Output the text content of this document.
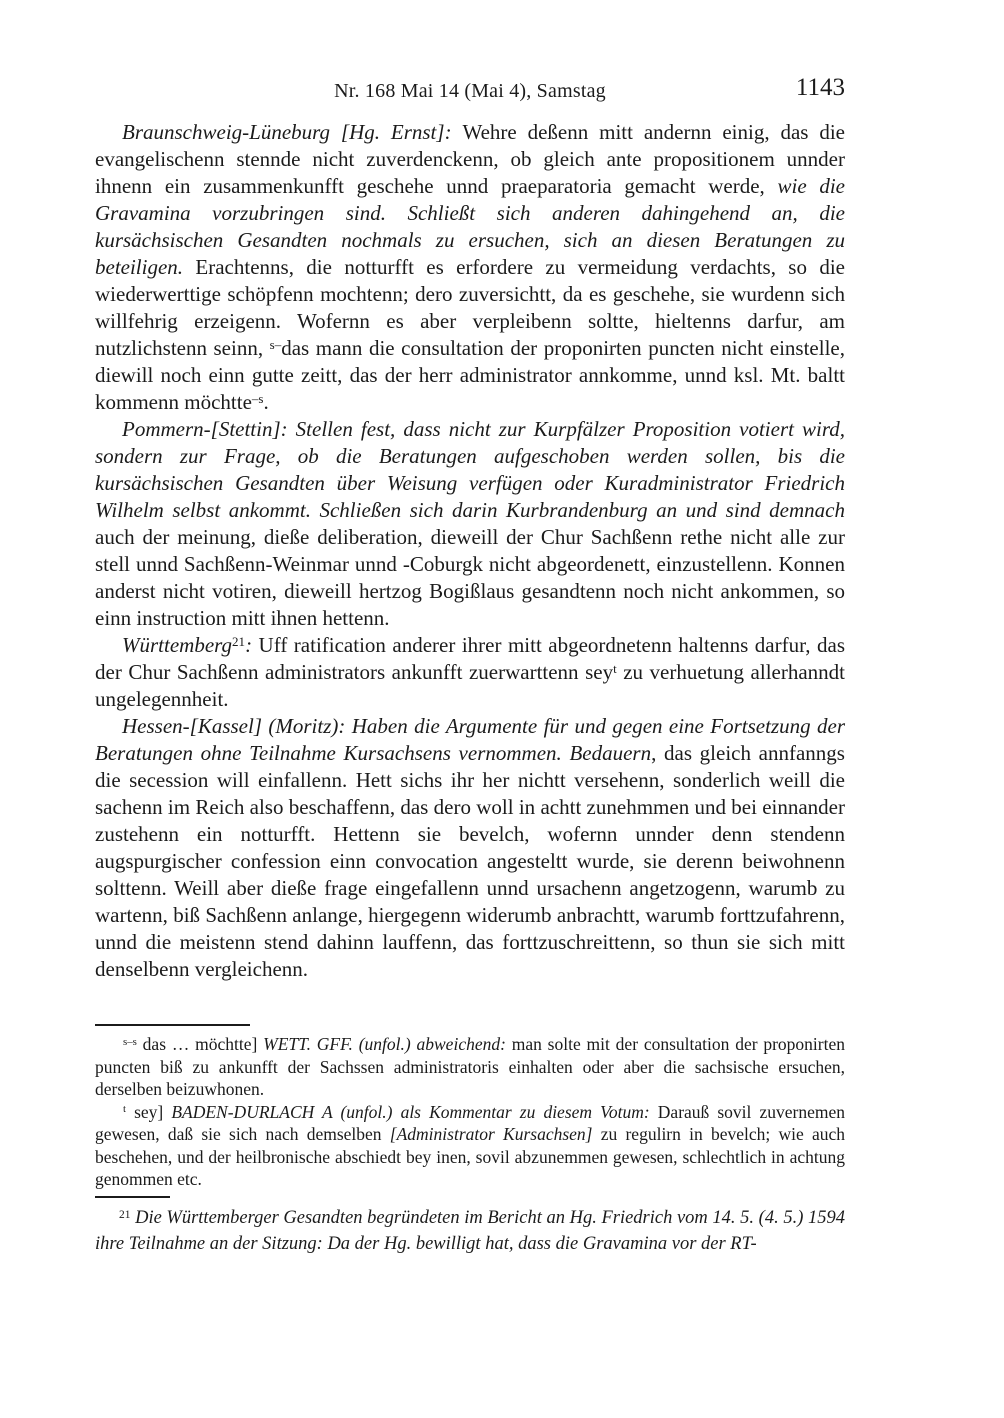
Nr. 168 Mai 14 (Mai 4), Samstag	1143

Braunschweig-Lüneburg [Hg. Ernst]: Wehre deßenn mitt andernn einig, das die evangelischenn stennde nicht zuverdenckenn, ob gleich ante propositionem unnder ihnenn ein zusammenkunfft geschehe unnd praeparatoria gemacht werde, wie die Gravamina vorzubringen sind. Schließt sich anderen dahingehend an, die kursächsischen Gesandten nochmals zu ersuchen, sich an diesen Beratungen zu beteiligen. Erachtenns, die notturfft es erfordere zu vermeidung verdachts, so die wiederwerttige schöpfenn mochtenn; dero zuversichtt, da es geschehe, sie wurdenn sich willfehrig erzeigenn. Wofernn es aber verpleibenn soltte, hieltenns darfur, am nutzlichstenn seinn, $^{s-}$das mann die consultation der proponirten puncten nicht einstelle, diewill noch einn gutte zeitt, das der herr administrator annkomme, unnd ksl. Mt. baltt kommenn möchtte$^{-s}$.

Pommern-[Stettin]: Stellen fest, dass nicht zur Kurpfälzer Proposition votiert wird, sondern zur Frage, ob die Beratungen aufgeschoben werden sollen, bis die kursächsischen Gesandten über Weisung verfügen oder Kuradministrator Friedrich Wilhelm selbst ankommt. Schließen sich darin Kurbrandenburg an und sind demnach auch der meinung, dieße deliberation, dieweill der Chur Sachßenn rethe nicht alle zur stell unnd Sachßenn-Weinmar unnd -Coburgk nicht abgeordenett, einzustellenn. Konnen anderst nicht votiren, dieweill hertzog Bogißlaus gesandtenn noch nicht ankommen, so einn instruction mitt ihnen hettenn.

Württemberg$^{21}$: Uff ratification anderer ihrer mitt abgeordnetenn haltenns darfur, das der Chur Sachßenn administrators ankunfft zuerwarttenn sey$^t$ zu verhuetung allerhanndt ungelegennheit.

Hessen-[Kassel] (Moritz): Haben die Argumente für und gegen eine Fortsetzung der Beratungen ohne Teilnahme Kursachsens vernommen. Bedauern, das gleich annfanngs die secession will einfallenn. Hett sichs ihr her nichtt versehenn, sonderlich weill die sachenn im Reich also beschaffenn, das dero woll in achtt zunehmmen und bei einnander zustehenn ein notturfft. Hettenn sie bevelch, wofernn unnder denn stendenn augspurgischer confession einn convocation angesteltt wurde, sie derenn beiwohnenn solttenn. Weill aber dieße frage eingefallenn unnd ursachenn angetzogenn, warumb zu wartenn, biß Sachßenn anlange, hiergegenn widerumb anbrachtt, warumb forttzufahrenn, unnd die meistenn stend dahinn lauffenn, das forttzuschreittenn, so thun sie sich mitt denselbenn vergleichenn.

$^{s-s}$ das … möchtte] WETT. GFF. (unfol.) abweichend: man solte mit der consultation der proponirten puncten biß zu ankunfft der Sachssen administratoris einhalten oder aber die sachsische ersuchen, derselben beizuwhonen.

$^t$ sey] BADEN-DURLACH A (unfol.) als Kommentar zu diesem Votum: Darauß sovil zuvernemen gewesen, daß sie sich nach demselben [Administrator Kursachsen] zu regulirn in bevelch; wie auch beschehen, und der heilbronische abschiedt bey inen, sovil abzunemmen gewesen, schlechtlich in achtung genommen etc.

$^{21}$ Die Württemberger Gesandten begründeten im Bericht an Hg. Friedrich vom 14. 5. (4. 5.) 1594 ihre Teilnahme an der Sitzung: Da der Hg. bewilligt hat, dass die Gravamina vor der RT-
